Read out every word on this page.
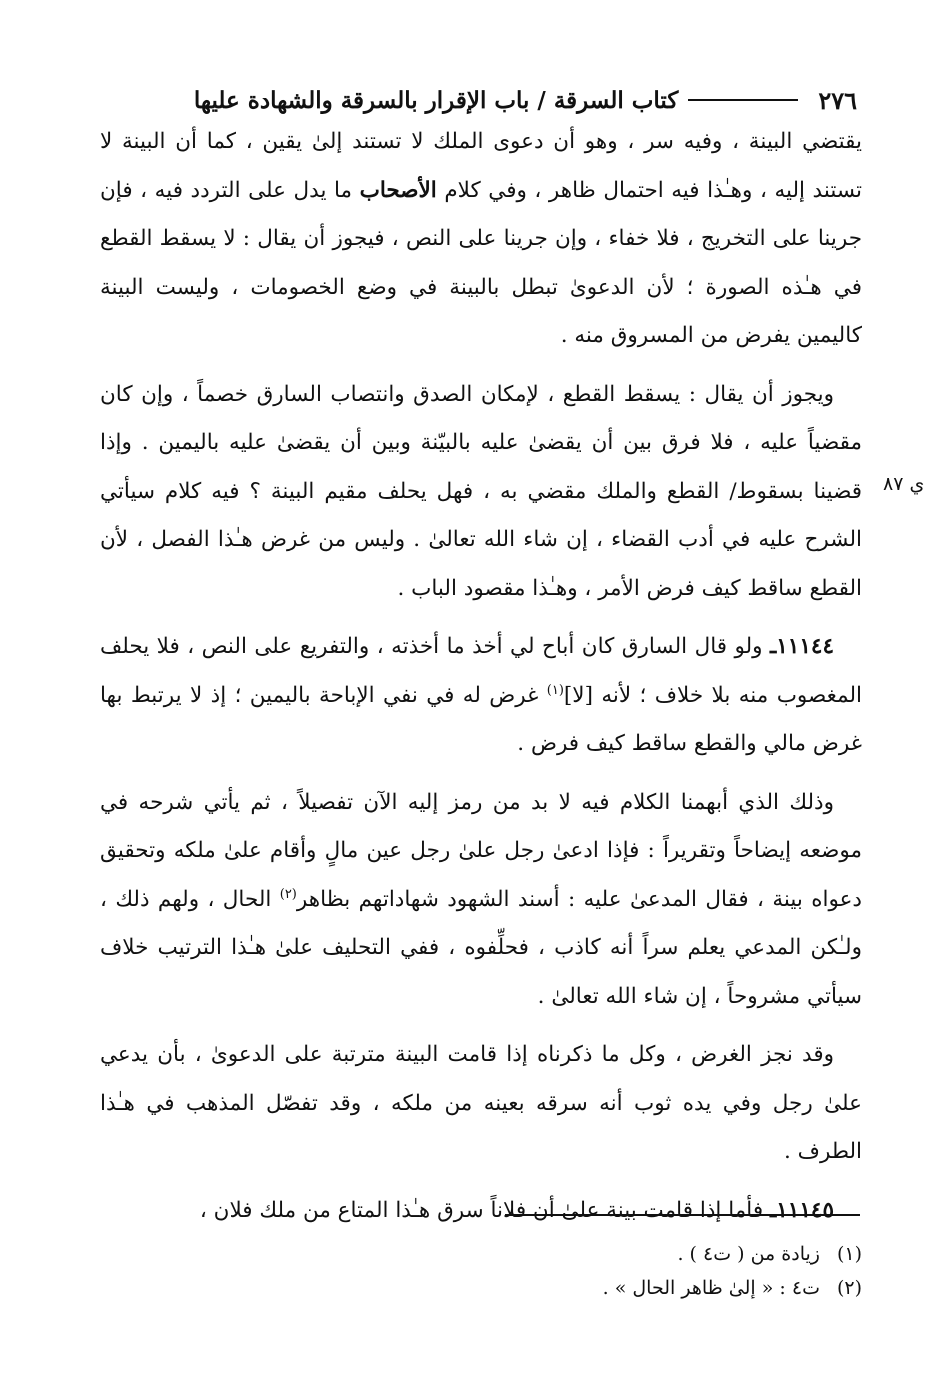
٢٧٦
كتاب السرقة / باب الإقرار بالسرقة والشهادة عليها

يقتضي البينة ، وفيه سر ، وهو أن دعوى الملك لا تستند إلىٰ يقين ، كما أن البينة لا تستند إليه ، وهـٰذا فيه احتمال ظاهر ، وفي كلام الأصحاب ما يدل على التردد فيه ، فإن جرينا على التخريج ، فلا خفاء ، وإن جرينا على النص ، فيجوز أن يقال : لا يسقط القطع في هـٰذه الصورة ؛ لأن الدعوىٰ تبطل بالبينة في وضع الخصومات ، وليست البينة كاليمين يفرض من المسروق منه .

ويجوز أن يقال : يسقط القطع ، لإمكان الصدق وانتصاب السارق خصماً ، وإن كان مقضياً عليه ، فلا فرق بين أن يقضىٰ عليه بالبيّنة وبين أن يقضىٰ عليه باليمين . وإذا قضينا بسقوط/ القطع والملك مقضي به ، فهل يحلف مقيم البينة ؟ فيه كلام سيأتي الشرح عليه في أدب القضاء ، إن شاء الله تعالىٰ . وليس من غرض هـٰذا الفصل ، لأن القطع ساقط كيف فرض الأمر ، وهـٰذا مقصود الباب .

١١١٤٤ـ ولو قال السارق كان أباح لي أخذ ما أخذته ، والتفريع على النص ، فلا يحلف المغصوب منه بلا خلاف ؛ لأنه [لا]$^{(١)}$ غرض له في نفي الإباحة باليمين ؛ إذ لا يرتبط بها غرض مالي والقطع ساقط كيف فرض .

وذلك الذي أبهمنا الكلام فيه لا بد من رمز إليه الآن تفصيلاً ، ثم يأتي شرحه في موضعه إيضاحاً وتقريراً : فإذا ادعىٰ رجل علىٰ رجل عين مالٍ وأقام علىٰ ملكه وتحقيق دعواه بينة ، فقال المدعىٰ عليه : أسند الشهود شهاداتهم بظاهر$^{(٢)}$ الحال ، ولهم ذلك ، ولـٰكن المدعي يعلم سراً أنه كاذب ، فحلِّفوه ، ففي التحليف علىٰ هـٰذا الترتيب خلاف سيأتي مشروحاً ، إن شاء الله تعالىٰ .

وقد نجز الغرض ، وكل ما ذكرناه إذا قامت البينة مترتبة على الدعوىٰ ، بأن يدعي علىٰ رجل وفي يده ثوب أنه سرقه بعينه من ملكه ، وقد تفصّل المذهب في هـٰذا الطرف .

١١١٤٥ـ فأما إذا قامت بينة علىٰ أن فلاناً سرق هـٰذا المتاع من ملك فلان ،

ي ٨٧
(١) زيادة من ( ت٤ ) .
(٢) ت٤ : « إلىٰ ظاهر الحال » .
